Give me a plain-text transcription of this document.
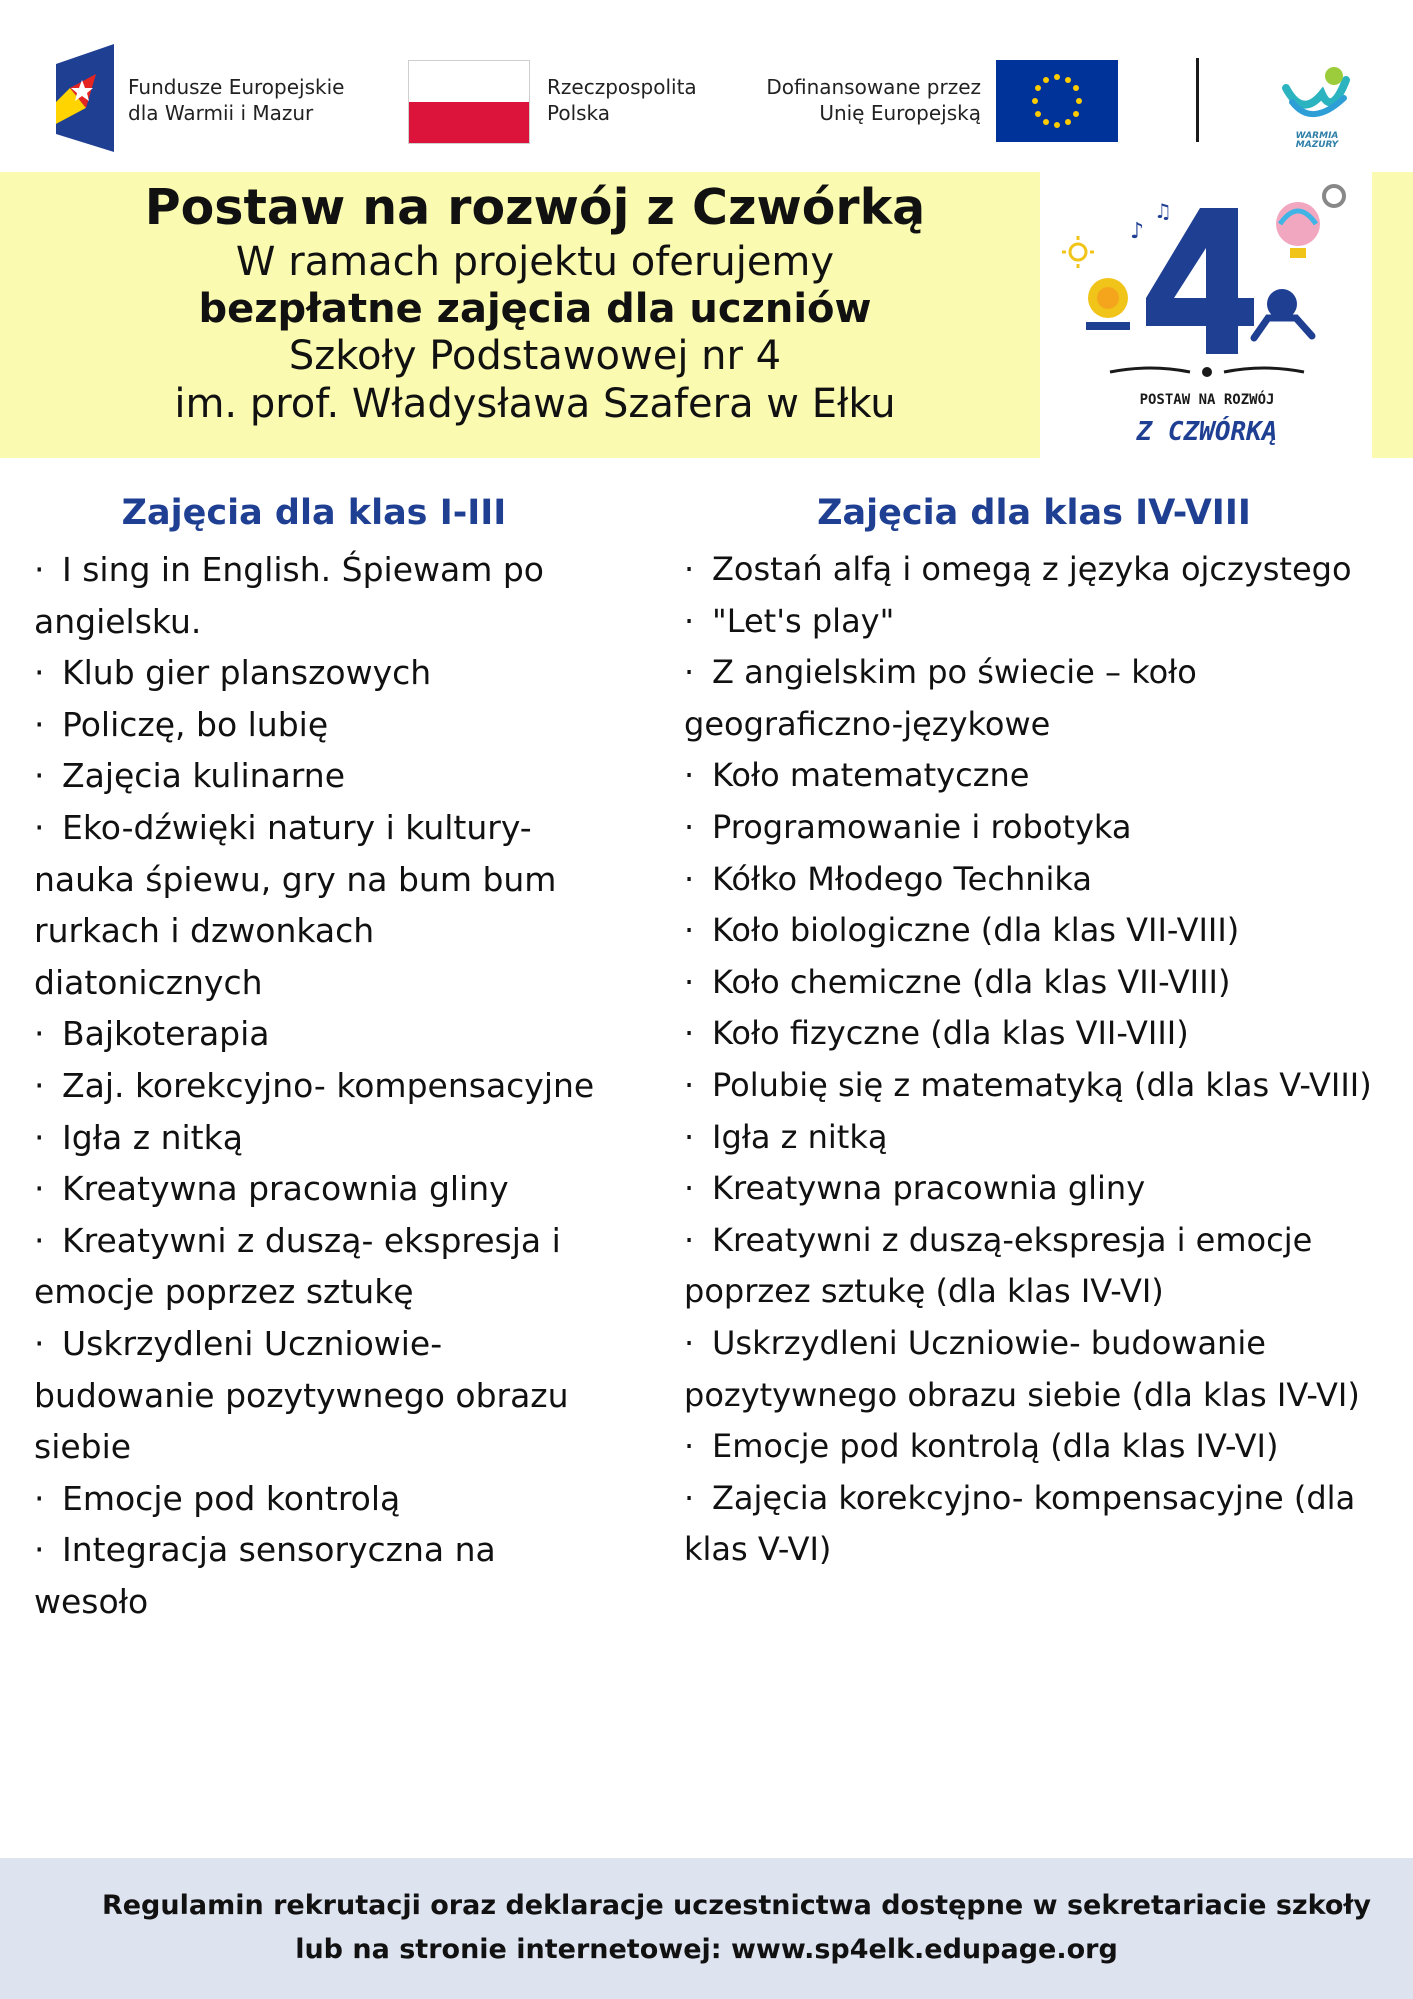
Fundusze Europejskie
dla Warmii i Mazur
Rzeczpospolita
Polska
Dofinansowane przez
Unię Europejską
WARMIA
MAZURY
Postaw na rozwój z Czwórką
W ramach projektu oferujemy
bezpłatne zajęcia dla uczniów
Szkoły Podstawowej nr 4
im. prof. Władysława Szafera w Ełku
♪
♫
POSTAW NA ROZWÓJ
Z CZWÓRKĄ
Zajęcia dla klas I-III
· I sing in English. Śpiewam po angielsku.
· Klub gier planszowych
· Policzę, bo lubię
· Zajęcia kulinarne
· Eko-dźwięki natury i kultury- nauka śpiewu, gry na bum bum rurkach i dzwonkach diatonicznych
· Bajkoterapia
· Zaj. korekcyjno- kompensacyjne
· Igła z nitką
· Kreatywna pracownia gliny
· Kreatywni z duszą- ekspresja i emocje poprzez sztukę
· Uskrzydleni Uczniowie- budowanie pozytywnego obrazu siebie
· Emocje pod kontrolą
· Integracja sensoryczna na wesoło
Zajęcia dla klas IV-VIII
· Zostań alfą i omegą z języka ojczystego
· "Let's play"
· Z angielskim po świecie – koło geograficzno-językowe
· Koło matematyczne
· Programowanie i robotyka
· Kółko Młodego Technika
· Koło biologiczne (dla klas VII-VIII)
· Koło chemiczne (dla klas VII-VIII)
· Koło fizyczne (dla klas VII-VIII)
· Polubię się z matematyką (dla klas V-VIII)
· Igła z nitką
· Kreatywna pracownia gliny
· Kreatywni z duszą-ekspresja i emocje poprzez sztukę (dla klas IV-VI)
· Uskrzydleni Uczniowie- budowanie pozytywnego obrazu siebie (dla klas IV-VI)
· Emocje pod kontrolą (dla klas IV-VI)
· Zajęcia korekcyjno- kompensacyjne (dla klas V-VI)

Regulamin rekrutacji oraz deklaracje uczestnictwa dostępne w sekretariacie szkoły

lub na stronie internetowej: www.sp4elk.edupage.org
